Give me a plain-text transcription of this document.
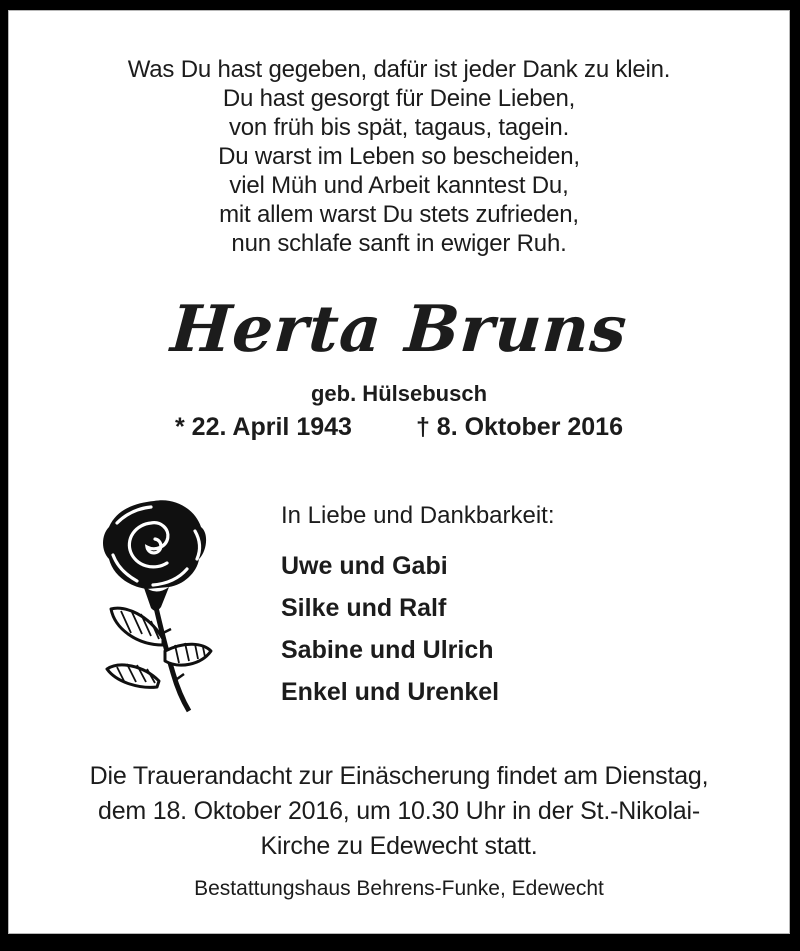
Was Du hast gegeben, dafür ist jeder Dank zu klein.
Du hast gesorgt für Deine Lieben,
von früh bis spät, tagaus, tagein.
Du warst im Leben so bescheiden,
viel Müh und Arbeit kanntest Du,
mit allem warst Du stets zufrieden,
nun schlafe sanft in ewiger Ruh.
Herta Bruns
geb. Hülsebusch
* 22. April 1943	† 8. Oktober 2016
In Liebe und Dankbarkeit:
Uwe und Gabi
Silke und Ralf
Sabine und Ulrich
Enkel und Urenkel
Die Trauerandacht zur Einäscherung findet am Dienstag,
dem 18. Oktober 2016, um 10.30 Uhr in der St.-Nikolai-
Kirche zu Edewecht statt.
Bestattungshaus Behrens-Funke, Edewecht
